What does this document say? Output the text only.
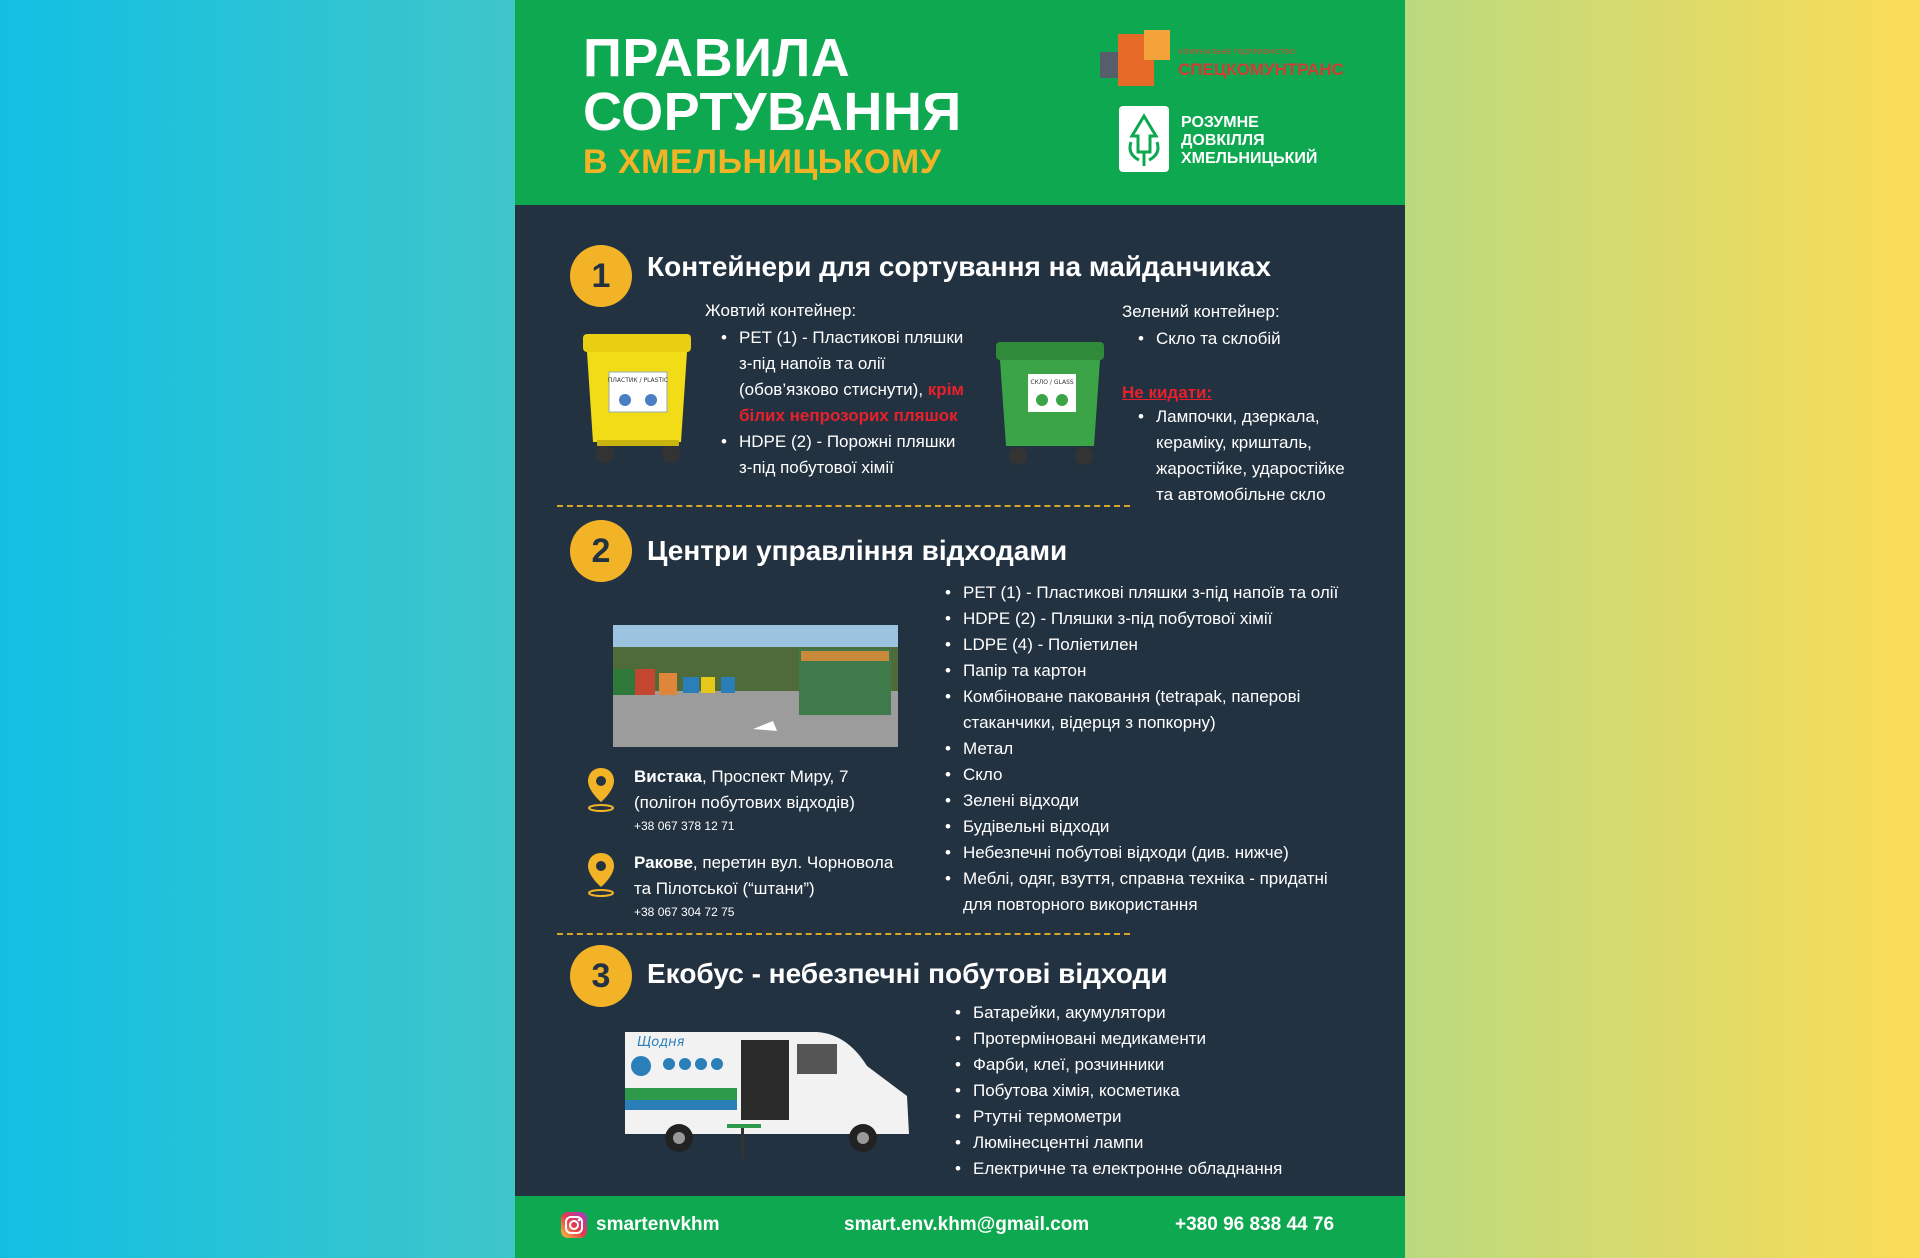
ПРАВИЛА
СОРТУВАННЯ
В ХМЕЛЬНИЦЬКОМУ
КОМУНАЛЬНЕ ПІДПРИЄМСТВО
СПЕЦКОМУНТРАНС
РОЗУМНЕ
ДОВКІЛЛЯ
ХМЕЛЬНИЦЬКИЙ
1	Контейнери для сортування на майданчиках
ПЛАСТИК / PLASTIC
Жовтий контейнер:
• PET (1) - Пластикові пляшки
з-під напоїв та олії
(обов’язково стиснути), крім
білих непрозорих пляшок
• HDPE (2) - Порожні пляшки
з-під побутової хімії
СКЛО / GLASS
Зелений контейнер:
• Скло та склобій
Не кидати:
• Лампочки, дзеркала,
кераміку, кришталь,
жаростійке, ударостійке
та автомобільне скло
2	Центри управління відходами
Вистака, Проспект Миру, 7
(полігон побутових відходів)
+38 067 378 12 71
Ракове, перетин вул. Чорновола
та Пілотської (“штани”)
+38 067 304 72 75
• PET (1) - Пластикові пляшки з-під напоїв та олії
• HDPE (2) - Пляшки з-під побутової хімії
• LDPE (4) - Поліетилен
• Папір та картон
• Комбіноване паковання (tetrapak, паперові
стаканчики, відерця з попкорну)
• Метал
• Скло
• Зелені відходи
• Будівельні відходи
• Небезпечні побутові відходи (див. нижче)
• Меблі, одяг, взуття, справна техніка - придатні
для повторного використання
3	Екобус - небезпечні побутові відходи
Щодня
• Батарейки, акумулятори
• Протерміновані медикаменти
• Фарби, клеї, розчинники
• Побутова хімія, косметика
• Ртутні термометри
• Люмінесцентні лампи
• Електричне та електронне обладнання
smartenvkhm	smart.env.khm@gmail.com	+380 96 838 44 76
